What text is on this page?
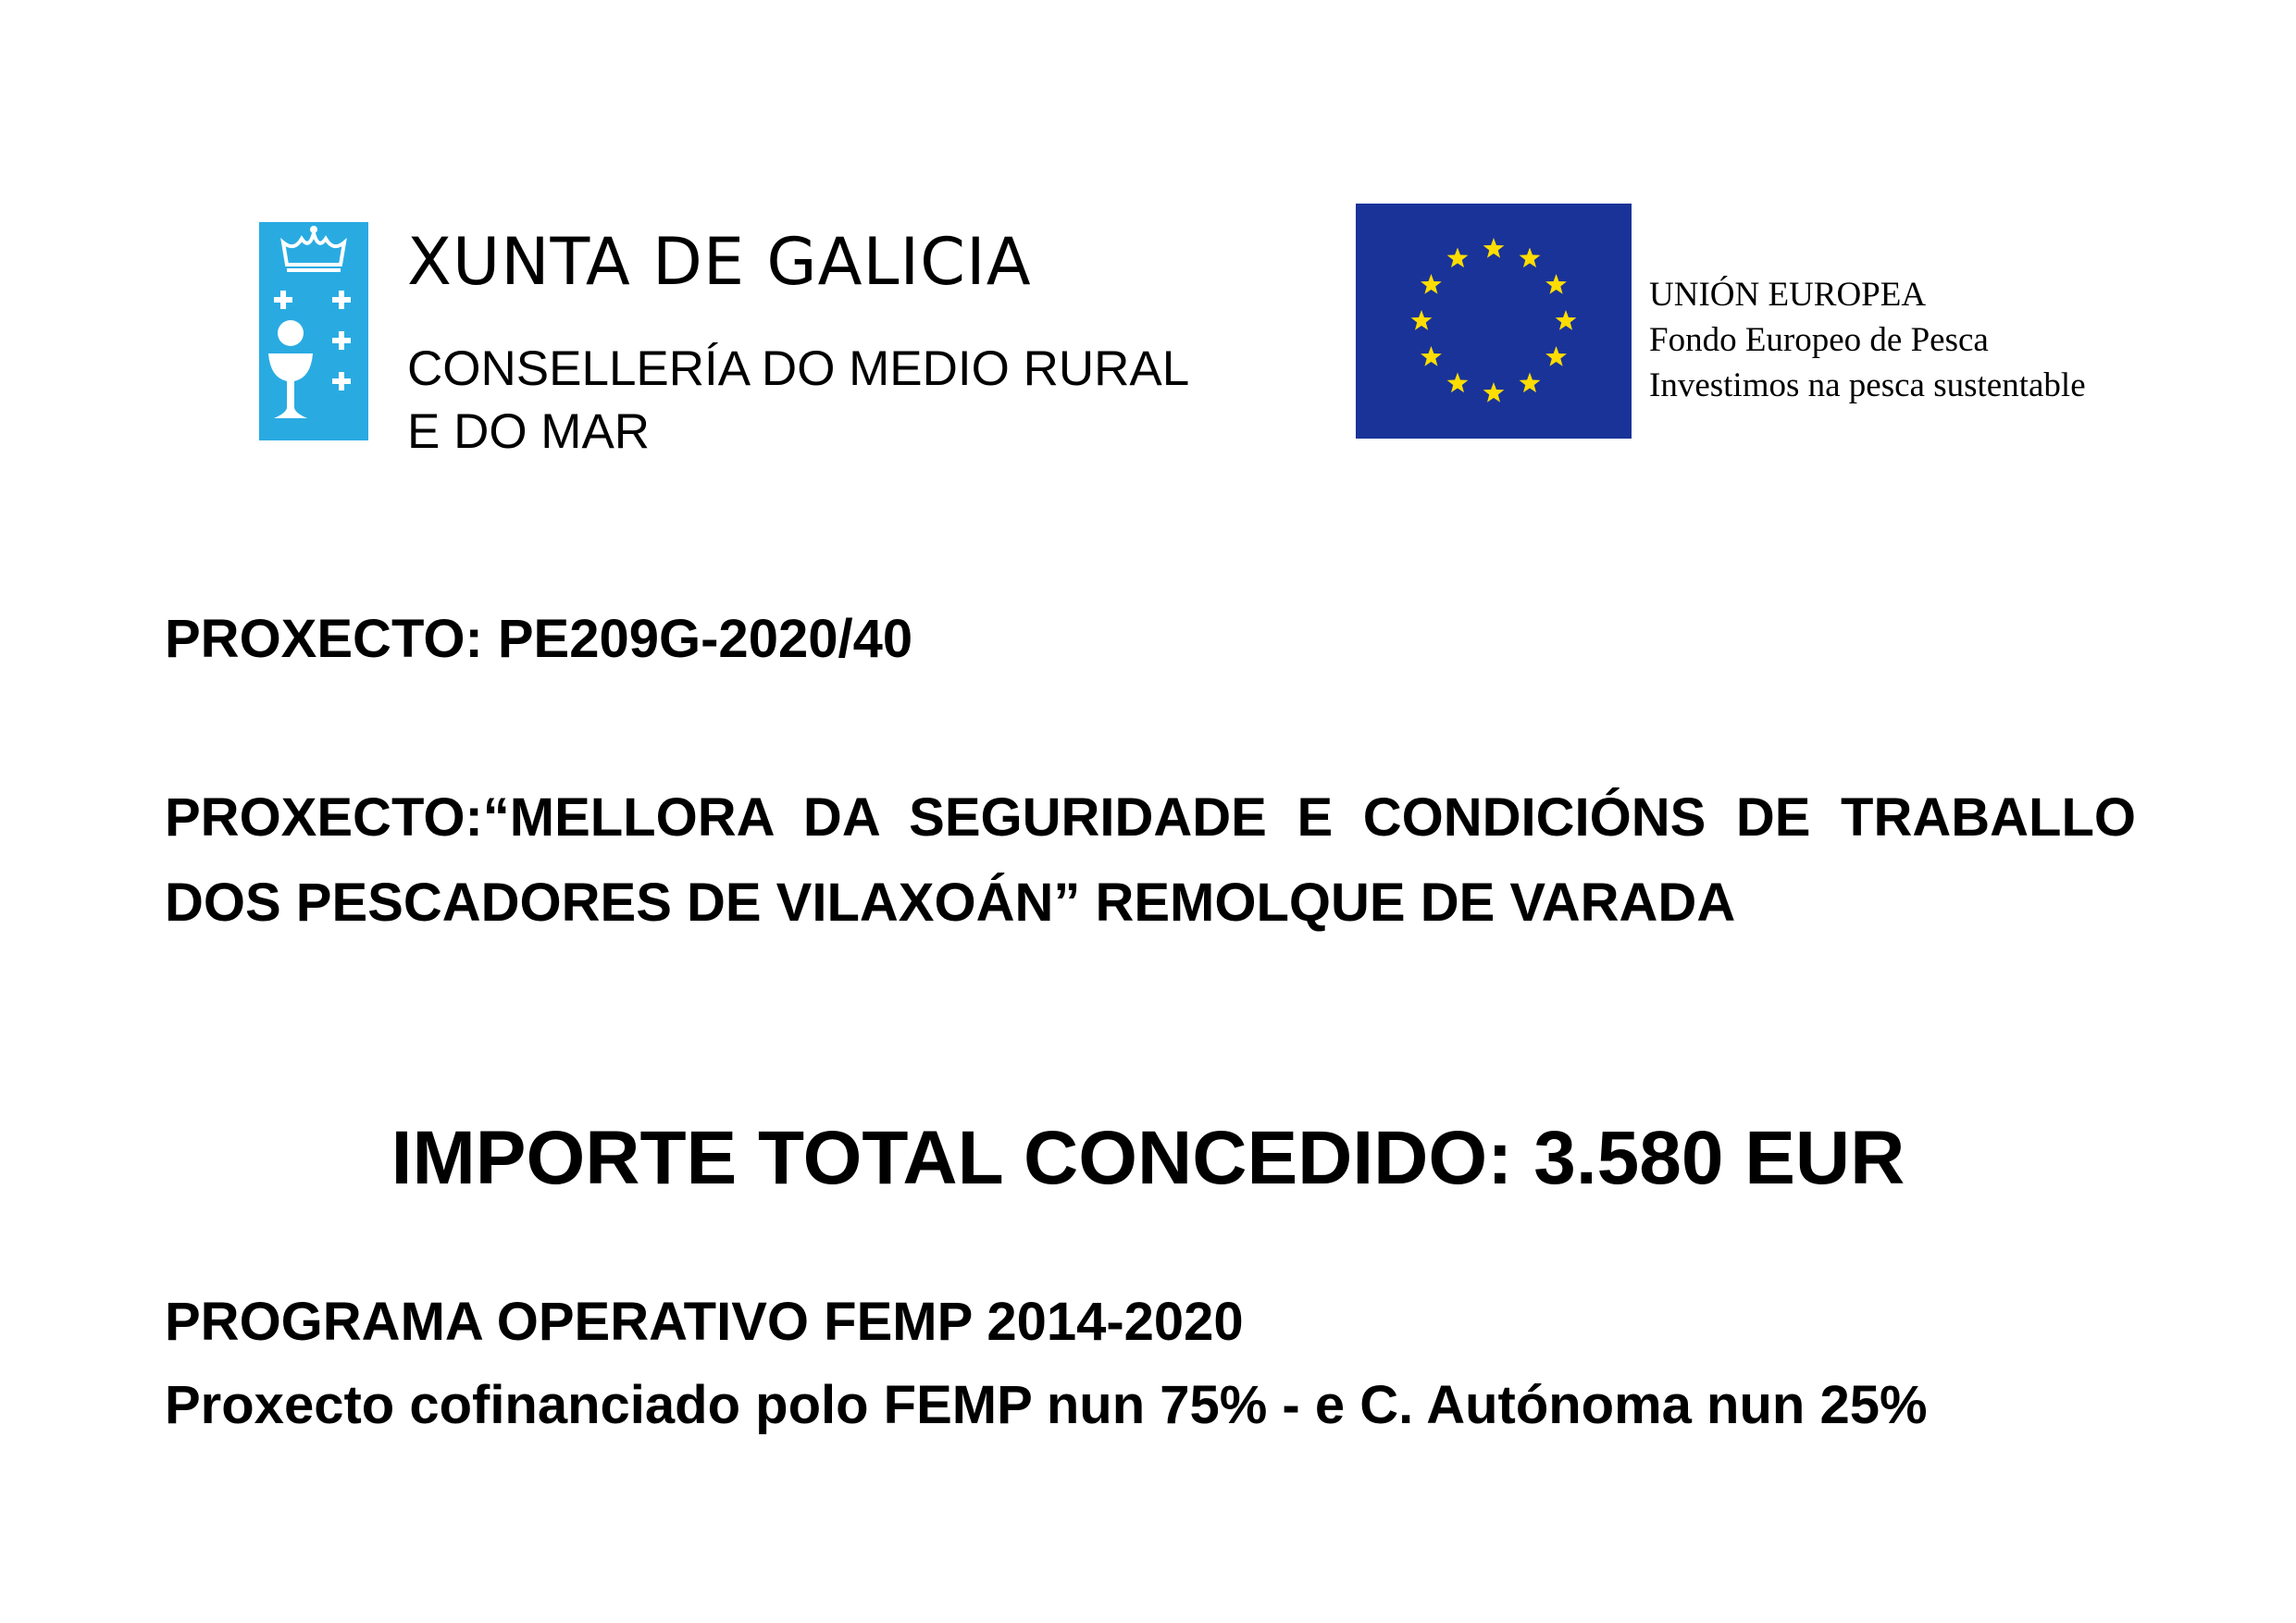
XUNTA DE GALICIA
CONSELLERÍA DO MEDIO RURAL
E DO MAR
UNIÓN EUROPEA
Fondo Europeo de Pesca
Investimos na pesca sustentable
PROXECTO: PE209G-2020/40
PROXECTO:“MELLORA DA SEGURIDADE E CONDICIÓNS DE TRABALLO DOS PESCADORES DE VILAXOÁN” REMOLQUE DE VARADA
IMPORTE TOTAL CONCEDIDO: 3.580 EUR
PROGRAMA OPERATIVO FEMP 2014-2020
Proxecto cofinanciado polo FEMP nun 75% - e C. Autónoma nun 25%
